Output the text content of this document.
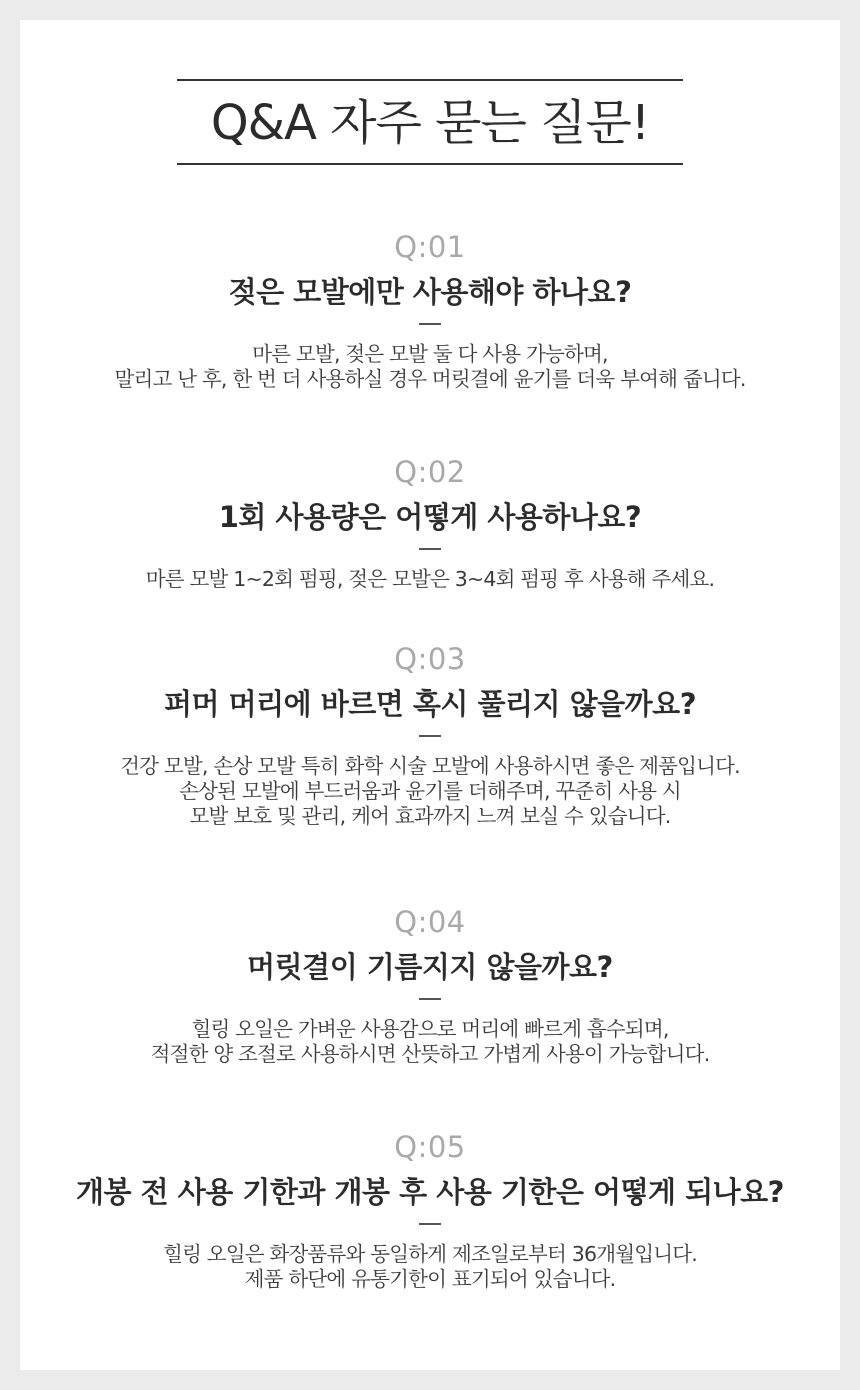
Q&A 자주 묻는 질문!
Q:01
젖은 모발에만 사용해야 하나요?
마른 모발, 젖은 모발 둘 다 사용 가능하며,
말리고 난 후, 한 번 더 사용하실 경우 머릿결에 윤기를 더욱 부여해 줍니다.
Q:02
1회 사용량은 어떻게 사용하나요?
마른 모발 1~2회 펌핑, 젖은 모발은 3~4회 펌핑 후 사용해 주세요.
Q:03
퍼머 머리에 바르면 혹시 풀리지 않을까요?
건강 모발, 손상 모발 특히 화학 시술 모발에 사용하시면 좋은 제품입니다.
손상된 모발에 부드러움과 윤기를 더해주며, 꾸준히 사용 시
모발 보호 및 관리, 케어 효과까지 느껴 보실 수 있습니다.
Q:04
머릿결이 기름지지 않을까요?
힐링 오일은 가벼운 사용감으로 머리에 빠르게 흡수되며,
적절한 양 조절로 사용하시면 산뜻하고 가볍게 사용이 가능합니다.
Q:05
개봉 전 사용 기한과 개봉 후 사용 기한은 어떻게 되나요?
힐링 오일은 화장품류와 동일하게 제조일로부터 36개월입니다.
제품 하단에 유통기한이 표기되어 있습니다.
